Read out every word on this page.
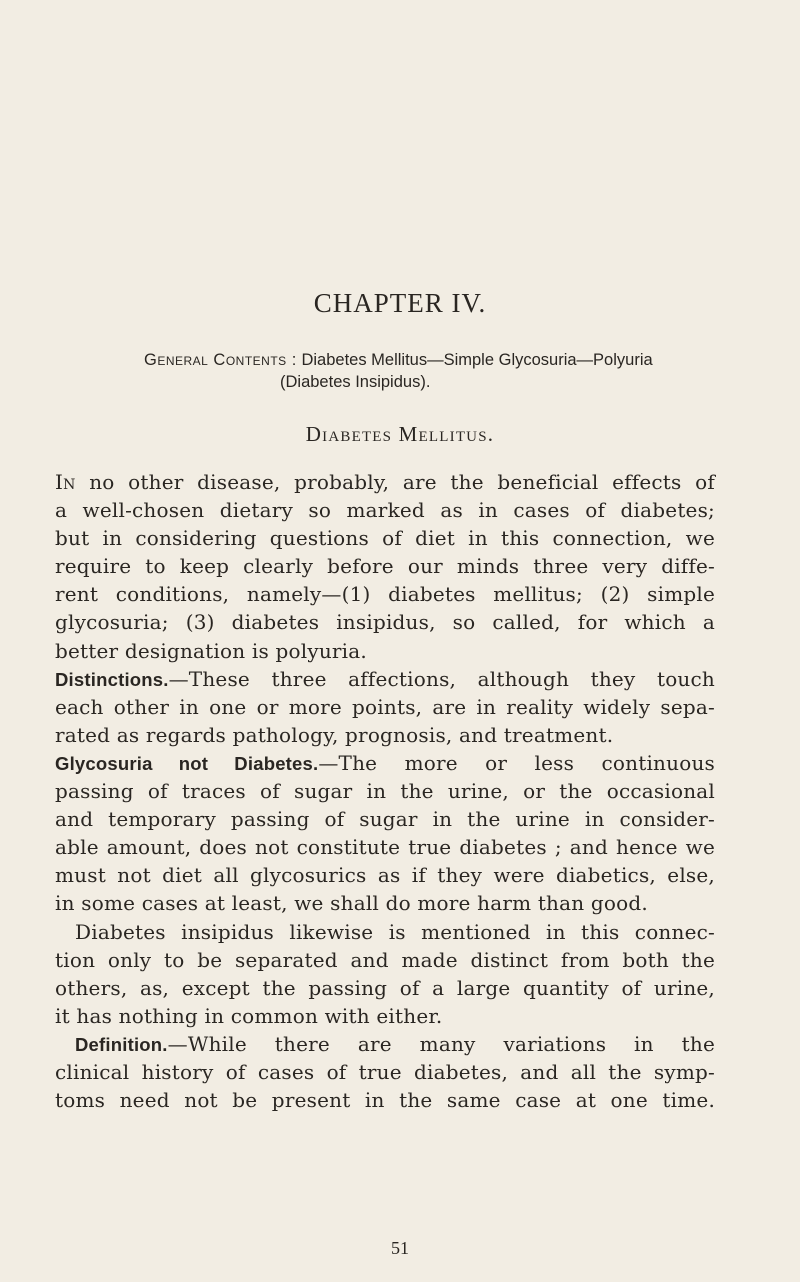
CHAPTER IV.
General Contents : Diabetes Mellitus—Simple Glycosuria—Polyuria
(Diabetes Insipidus).
Diabetes Mellitus.
In no other disease, probably, are the beneficial effects of
a well-chosen dietary so marked as in cases of diabetes;
but in considering questions of diet in this connection, we
require to keep clearly before our minds three very diffe-
rent conditions, namely—(1) diabetes mellitus; (2) simple
glycosuria; (3) diabetes insipidus, so called, for which a
better designation is polyuria.
Distinctions.—These three affections, although they touch
each other in one or more points, are in reality widely sepa-
rated as regards pathology, prognosis, and treatment.
Glycosuria not Diabetes.—The more or less continuous
passing of traces of sugar in the urine, or the occasional
and temporary passing of sugar in the urine in consider-
able amount, does not constitute true diabetes ; and hence we
must not diet all glycosurics as if they were diabetics, else,
in some cases at least, we shall do more harm than good.
Diabetes insipidus likewise is mentioned in this connec-
tion only to be separated and made distinct from both the
others, as, except the passing of a large quantity of urine,
it has nothing in common with either.
Definition.—While there are many variations in the
clinical history of cases of true diabetes, and all the symp-
toms need not be present in the same case at one time.
51
